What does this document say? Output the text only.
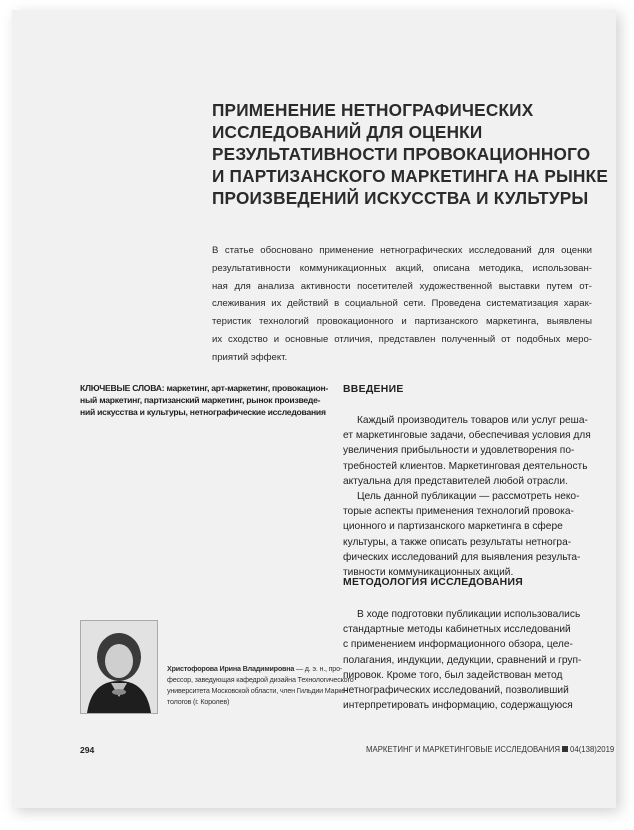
ПРИМЕНЕНИЕ НЕТНОГРАФИЧЕСКИХ
ИССЛЕДОВАНИЙ ДЛЯ ОЦЕНКИ
РЕЗУЛЬТАТИВНОСТИ ПРОВОКАЦИОННОГО
И ПАРТИЗАНСКОГО МАРКЕТИНГА НА РЫНКЕ
ПРОИЗВЕДЕНИЙ ИСКУССТВА И КУЛЬТУРЫ
В статье обосновано применение нетнографических исследований для оценки
результативности коммуникационных акций, описана методика, использован-
ная для анализа активности посетителей художественной выставки путем от-
слеживания их действий в социальной сети. Проведена систематизация харак-
теристик технологий провокационного и партизанского маркетинга, выявлены
их сходство и основные отличия, представлен полученный от подобных меро-
приятий эффект.
КЛЮЧЕВЫЕ СЛОВА: маркетинг, арт-маркетинг, провокацион-
ный маркетинг, партизанский маркетинг, рынок произведе-
ний искусства и культуры, нетнографические исследования
ВВЕДЕНИЕ
Каждый производитель товаров или услуг реша-
ет маркетинговые задачи, обеспечивая условия для
увеличения прибыльности и удовлетворения по-
требностей клиентов. Маркетинговая деятельность
актуальна для представителей любой отрасли.
Цель данной публикации — рассмотреть неко-
торые аспекты применения технологий провока-
ционного и партизанского маркетинга в сфере
культуры, а также описать результаты нетногра-
фических исследований для выявления результа-
тивности коммуникационных акций.
МЕТОДОЛОГИЯ ИССЛЕДОВАНИЯ
В ходе подготовки публикации использовались
стандартные методы кабинетных исследований
с применением информационного обзора, целе-
полагания, индукции, дедукции, сравнений и груп-
пировок. Кроме того, был задействован метод
нетнографических исследований, позволивший
интерпретировать информацию, содержащуюся
Христофорова Ирина Владимировна — д. э. н., про-
фессор, заведующая кафедрой дизайна Технологического
университета Московской области, член Гильдии Марке-
тологов (г. Королев)
294	МАРКЕТИНГ И МАРКЕТИНГОВЫЕ ИССЛЕДОВАНИЯ 04(138)2019
